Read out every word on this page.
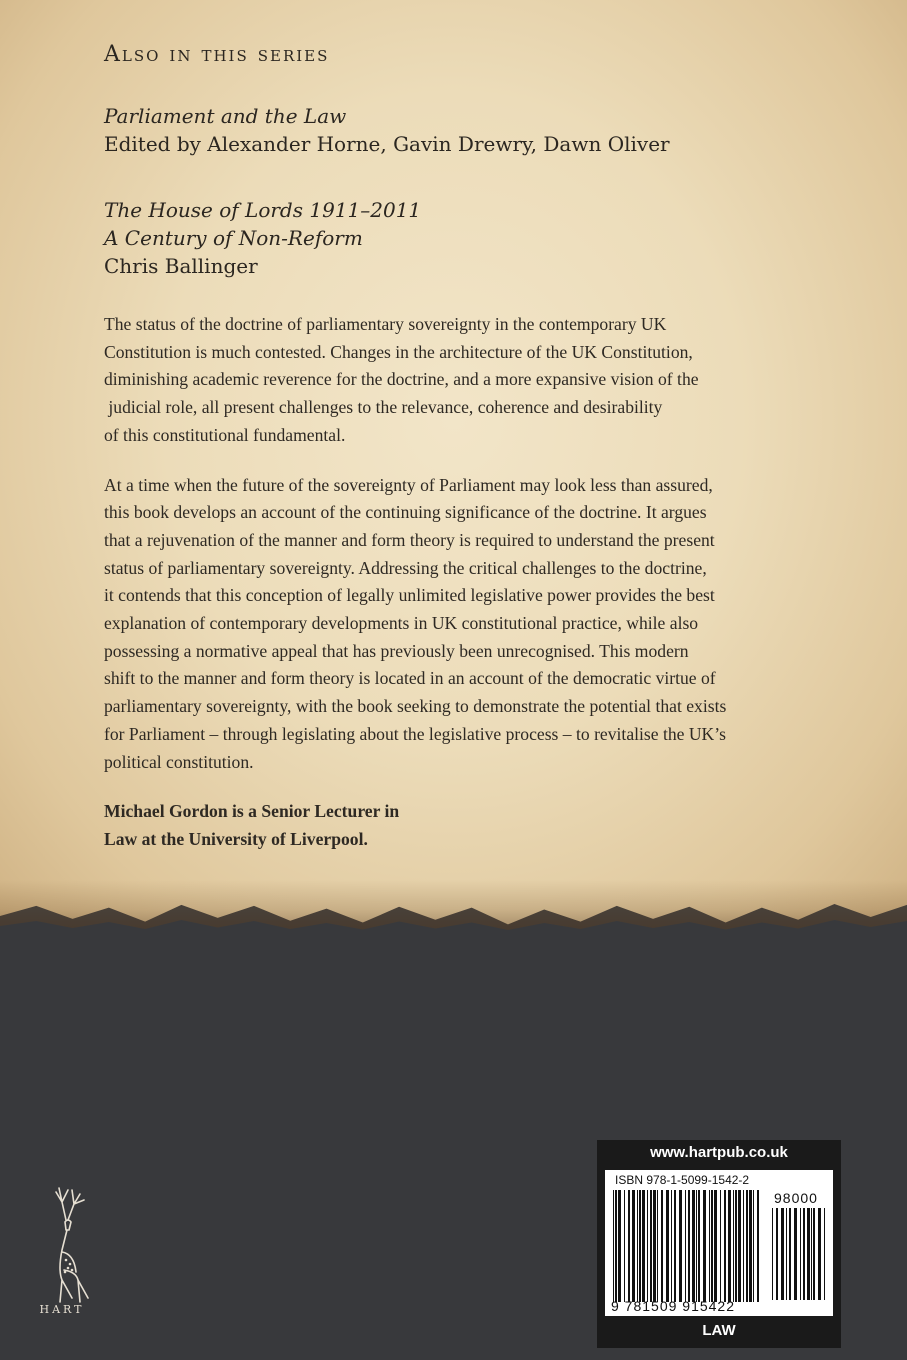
Also in this series
Parliament and the Law
Edited by Alexander Horne, Gavin Drewry, Dawn Oliver
The House of Lords 1911–2011
A Century of Non-Reform
Chris Ballinger

The status of the doctrine of parliamentary sovereignty in the contemporary UK
Constitution is much contested. Changes in the architecture of the UK Constitution,
diminishing academic reverence for the doctrine, and a more expansive vision of the
judicial role, all present challenges to the relevance, coherence and desirability
of this constitutional fundamental.

At a time when the future of the sovereignty of Parliament may look less than assured,
this book develops an account of the continuing significance of the doctrine. It argues
that a rejuvenation of the manner and form theory is required to understand the present
status of parliamentary sovereignty. Addressing the critical challenges to the doctrine,
it contends that this conception of legally unlimited legislative power provides the best
explanation of contemporary developments in UK constitutional practice, while also
possessing a normative appeal that has previously been unrecognised. This modern
shift to the manner and form theory is located in an account of the democratic virtue of
parliamentary sovereignty, with the book seeking to demonstrate the potential that exists
for Parliament – through legislating about the legislative process – to revitalise the UK’s
political constitution.

Michael Gordon is a Senior Lecturer in
Law at the University of Liverpool.

HART
www.hartpub.co.uk
ISBN 978-1-5099-1542-2
98000
9 781509 915422
LAW
